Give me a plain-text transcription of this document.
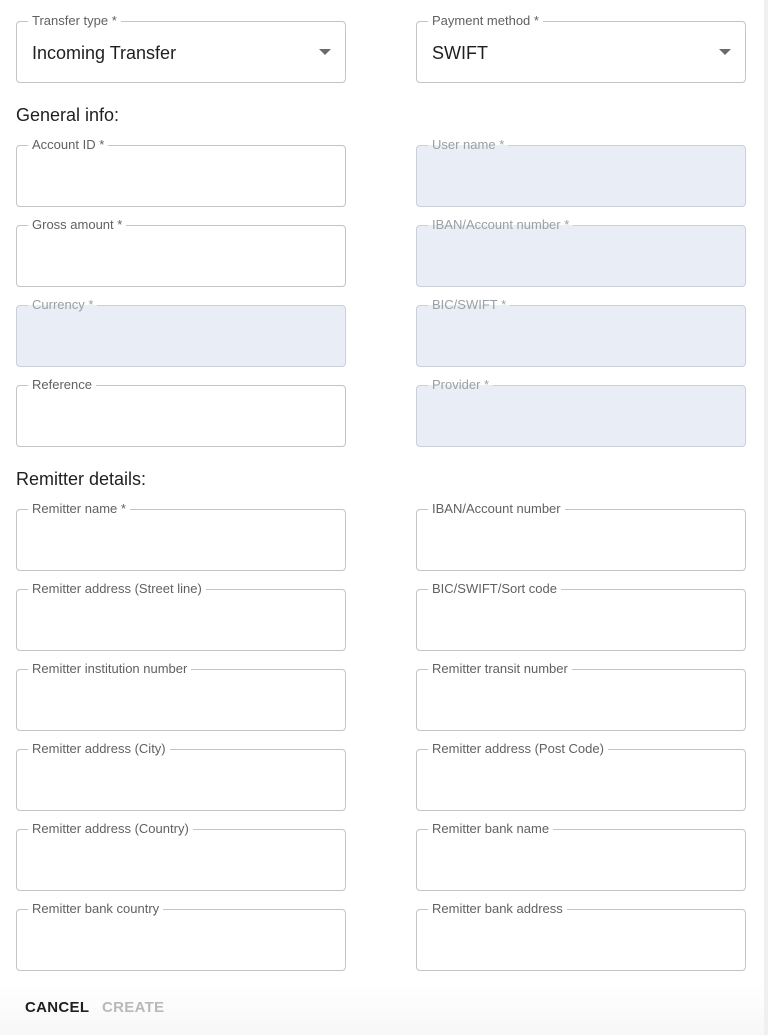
Transfer type *
Incoming Transfer
Payment method *
SWIFT
General info:
Account ID *	User name *
Gross amount *	IBAN/Account number *
Currency *	BIC/SWIFT *
Reference	Provider *
Remitter details:
Remitter name *	IBAN/Account number
Remitter address (Street line)	BIC/SWIFT/Sort code
Remitter institution number	Remitter transit number
Remitter address (City)	Remitter address (Post Code)
Remitter address (Country)	Remitter bank name
Remitter bank country	Remitter bank address
CANCEL CREATE
